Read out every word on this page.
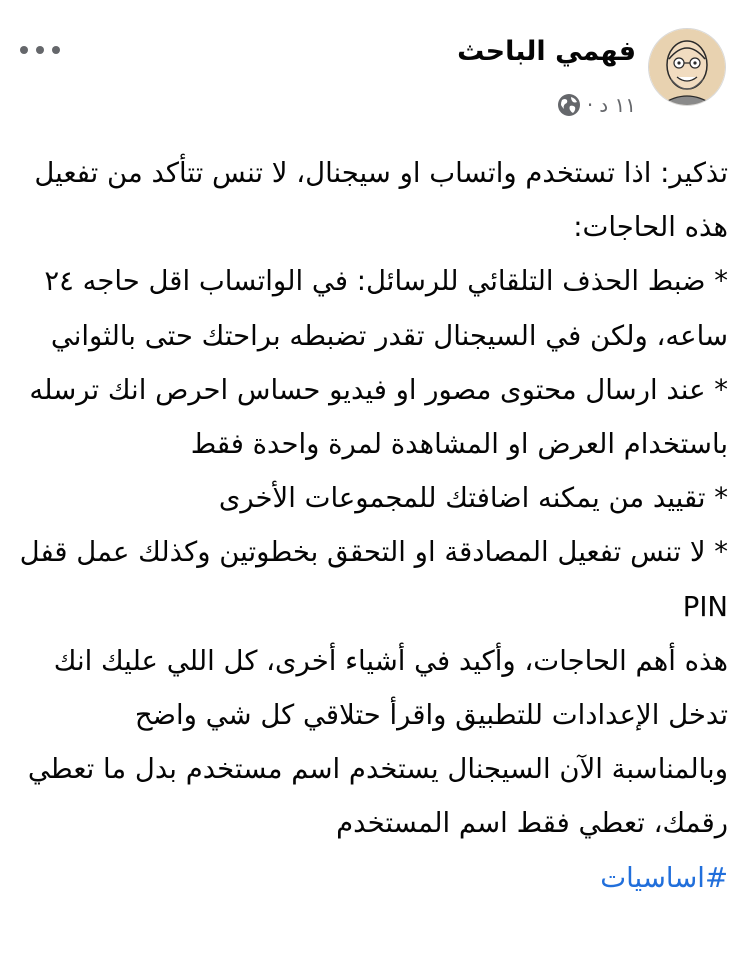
فهمي الباحث
١١ د
·

تذكير: اذا تستخدم واتساب او سيجنال، لا تنس تتأكد من تفعيل هذه الحاجات:

* ضبط الحذف التلقائي للرسائل: في الواتساب اقل حاجه ٢٤ ساعه، ولكن في السيجنال تقدر تضبطه براحتك حتى بالثواني

* عند ارسال محتوى مصور او فيديو حساس احرص انك ترسله باستخدام العرض او المشاهدة لمرة واحدة فقط

* تقييد من يمكنه اضافتك للمجموعات الأخرى

* لا تنس تفعيل المصادقة او التحقق بخطوتين وكذلك عمل قفل PIN

هذه أهم الحاجات، وأكيد في أشياء أخرى، كل اللي عليك انك تدخل الإعدادات للتطبيق واقرأ حتلاقي كل شي واضح

وبالمناسبة الآن السيجنال يستخدم اسم مستخدم بدل ما تعطي رقمك، تعطي فقط اسم المستخدم

#اساسيات
